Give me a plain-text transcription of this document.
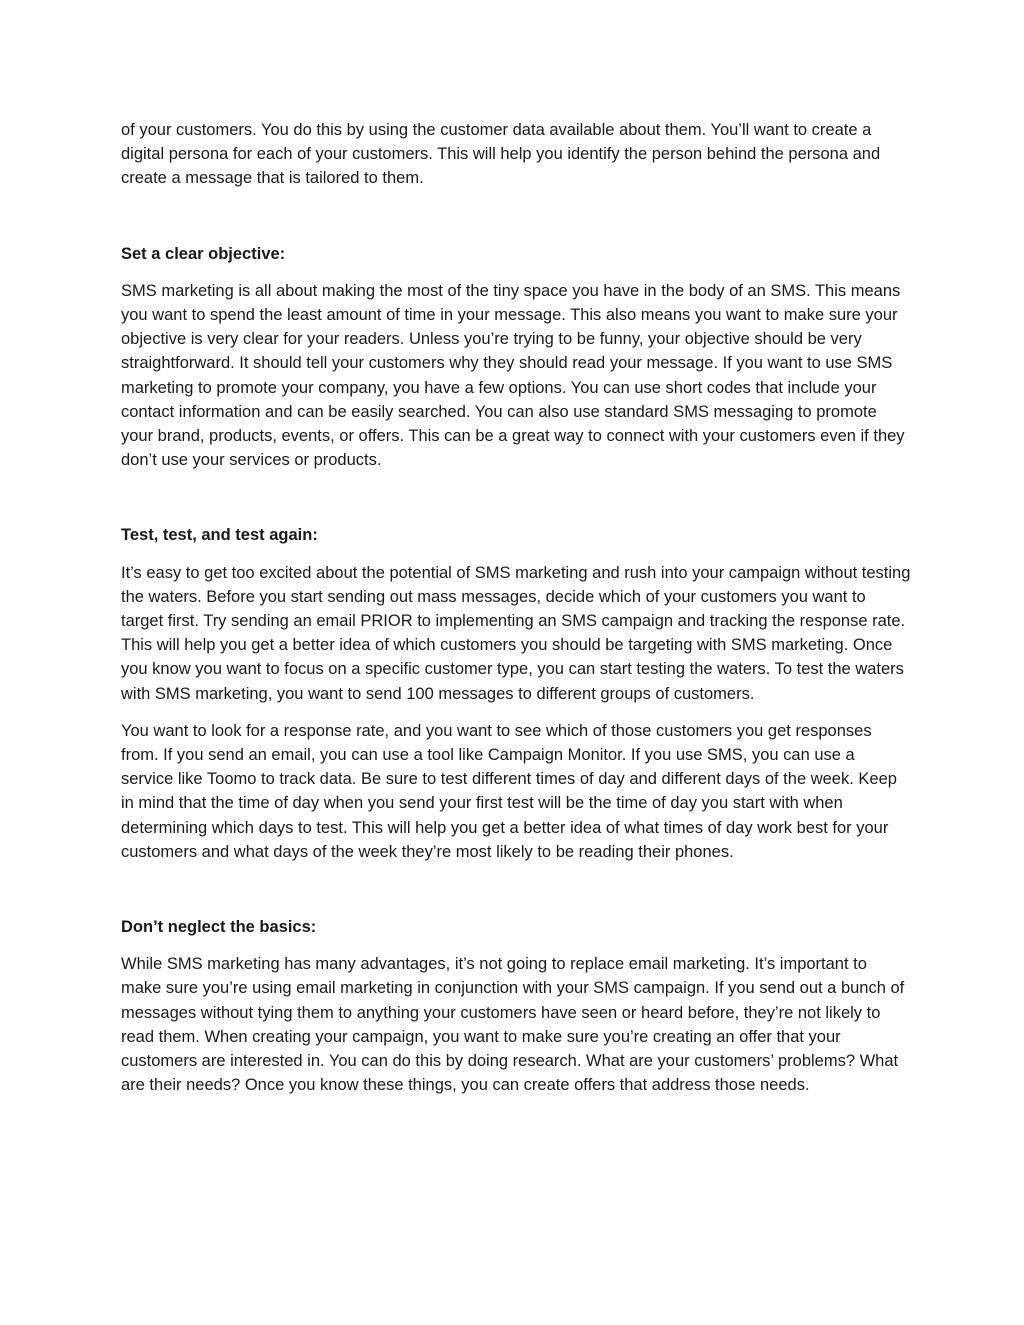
of your customers. You do this by using the customer data available about them. You’ll want to create a digital persona for each of your customers. This will help you identify the person behind the persona and create a message that is tailored to them.

Set a clear objective:

SMS marketing is all about making the most of the tiny space you have in the body of an SMS. This means you want to spend the least amount of time in your message. This also means you want to make sure your objective is very clear for your readers. Unless you’re trying to be funny, your objective should be very straightforward. It should tell your customers why they should read your message. If you want to use SMS marketing to promote your company, you have a few options. You can use short codes that include your contact information and can be easily searched. You can also use standard SMS messaging to promote your brand, products, events, or offers. This can be a great way to connect with your customers even if they don’t use your services or products.

Test, test, and test again:

It’s easy to get too excited about the potential of SMS marketing and rush into your campaign without testing the waters. Before you start sending out mass messages, decide which of your customers you want to target first. Try sending an email PRIOR to implementing an SMS campaign and tracking the response rate. This will help you get a better idea of which customers you should be targeting with SMS marketing. Once you know you want to focus on a specific customer type, you can start testing the waters. To test the waters with SMS marketing, you want to send 100 messages to different groups of customers.

You want to look for a response rate, and you want to see which of those customers you get responses from. If you send an email, you can use a tool like Campaign Monitor. If you use SMS, you can use a service like Toomo to track data. Be sure to test different times of day and different days of the week. Keep in mind that the time of day when you send your first test will be the time of day you start with when determining which days to test. This will help you get a better idea of what times of day work best for your customers and what days of the week they’re most likely to be reading their phones.

Don’t neglect the basics:

While SMS marketing has many advantages, it’s not going to replace email marketing. It’s important to make sure you’re using email marketing in conjunction with your SMS campaign. If you send out a bunch of messages without tying them to anything your customers have seen or heard before, they’re not likely to read them. When creating your campaign, you want to make sure you’re creating an offer that your customers are interested in. You can do this by doing research. What are your customers’ problems? What are their needs? Once you know these things, you can create offers that address those needs.
